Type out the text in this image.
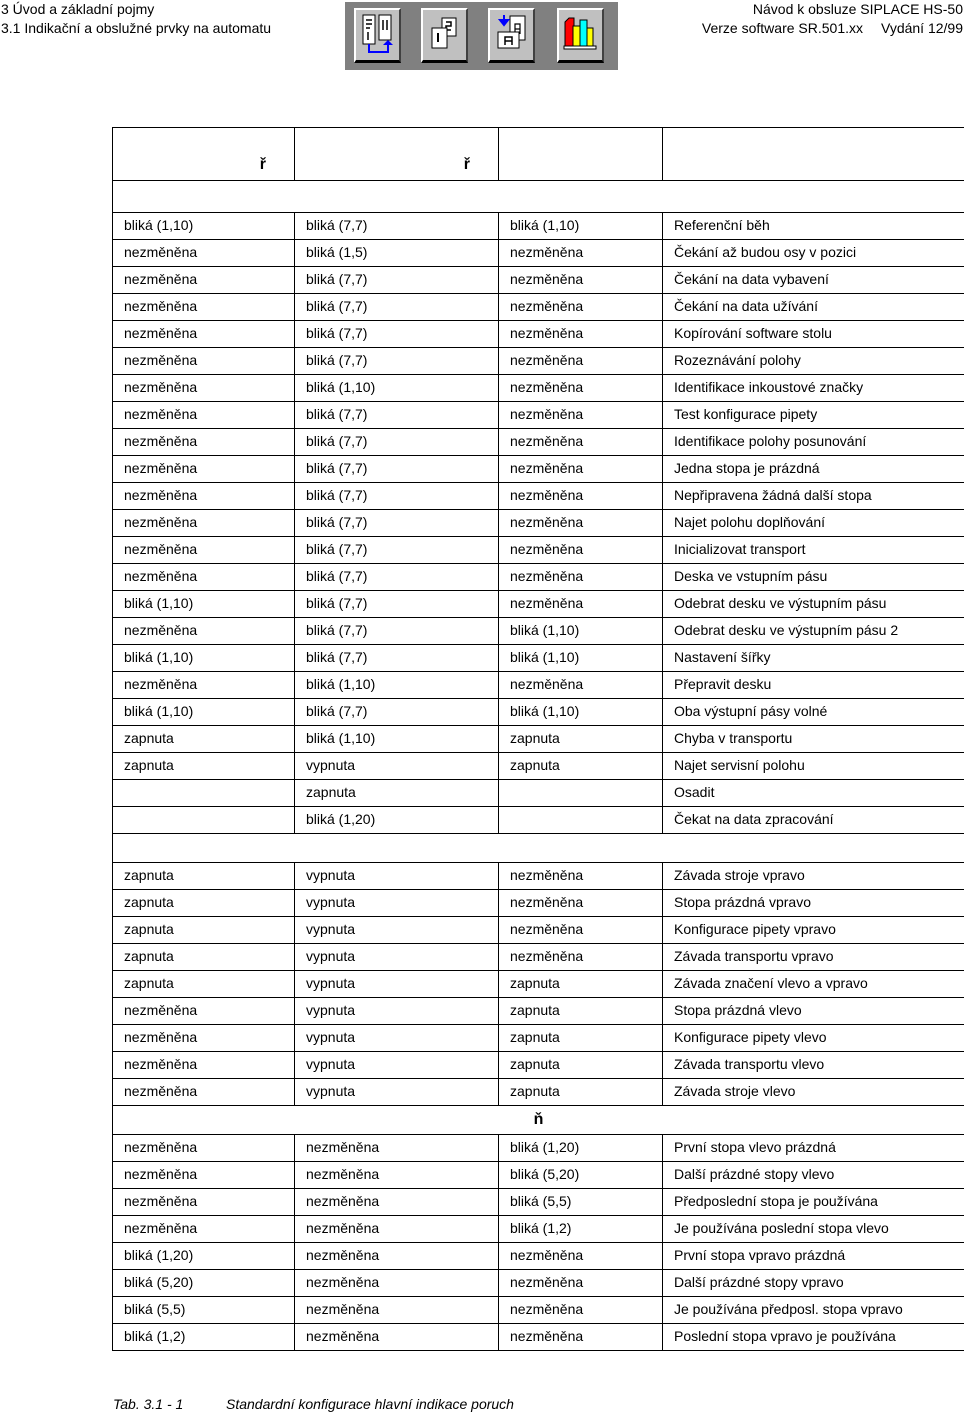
3 Úvod a základní pojmy
3.1 Indikační a obslužné prvky na automatu
Návod k obsluze SIPLACE HS-50
Verze software SR.501.xx Vydání 12/99
ř	ř		

bliká (1,10)	bliká (7,7)	bliká (1,10)	Referenční běh
nezměněna	bliká (1,5)	nezměněna	Čekání až budou osy v pozici
nezměněna	bliká (7,7)	nezměněna	Čekání na data vybavení
nezměněna	bliká (7,7)	nezměněna	Čekání na data užívání
nezměněna	bliká (7,7)	nezměněna	Kopírování software stolu
nezměněna	bliká (7,7)	nezměněna	Rozeznávání polohy
nezměněna	bliká (1,10)	nezměněna	Identifikace inkoustové značky
nezměněna	bliká (7,7)	nezměněna	Test konfigurace pipety
nezměněna	bliká (7,7)	nezměněna	Identifikace polohy posunování
nezměněna	bliká (7,7)	nezměněna	Jedna stopa je prázdná
nezměněna	bliká (7,7)	nezměněna	Nepřipravena žádná další stopa
nezměněna	bliká (7,7)	nezměněna	Najet polohu doplňování
nezměněna	bliká (7,7)	nezměněna	Inicializovat transport
nezměněna	bliká (7,7)	nezměněna	Deska ve vstupním pásu
bliká (1,10)	bliká (7,7)	nezměněna	Odebrat desku ve výstupním pásu
nezměněna	bliká (7,7)	bliká (1,10)	Odebrat desku ve výstupním pásu 2
bliká (1,10)	bliká (7,7)	bliká (1,10)	Nastavení šířky
nezměněna	bliká (1,10)	nezměněna	Přepravit desku
bliká (1,10)	bliká (7,7)	bliká (1,10)	Oba výstupní pásy volné
zapnuta	bliká (1,10)	zapnuta	Chyba v transportu
zapnuta	vypnuta	zapnuta	Najet servisní polohu
	zapnuta		Osadit
	bliká (1,20)		Čekat na data zpracování

zapnuta	vypnuta	nezměněna	Závada stroje vpravo
zapnuta	vypnuta	nezměněna	Stopa prázdná vpravo
zapnuta	vypnuta	nezměněna	Konfigurace pipety vpravo
zapnuta	vypnuta	nezměněna	Závada transportu vpravo
zapnuta	vypnuta	zapnuta	Závada značení vlevo a vpravo
nezměněna	vypnuta	zapnuta	Stopa prázdná vlevo
nezměněna	vypnuta	zapnuta	Konfigurace pipety vlevo
nezměněna	vypnuta	zapnuta	Závada transportu vlevo
nezměněna	vypnuta	zapnuta	Závada stroje vlevo
ň			
nezměněna	nezměněna	bliká (1,20)	První stopa vlevo prázdná
nezměněna	nezměněna	bliká (5,20)	Další prázdné stopy vlevo
nezměněna	nezměněna	bliká (5,5)	Předposlední stopa je používána
nezměněna	nezměněna	bliká (1,2)	Je používána poslední stopa vlevo
bliká (1,20)	nezměněna	nezměněna	První stopa vpravo prázdná
bliká (5,20)	nezměněna	nezměněna	Další prázdné stopy vpravo
bliká (5,5)	nezměněna	nezměněna	Je používána předposl. stopa vpravo
bliká (1,2)	nezměněna	nezměněna	Poslední stopa vpravo je používána
Tab. 3.1 - 1	Standardní konfigurace hlavní indikace poruch
